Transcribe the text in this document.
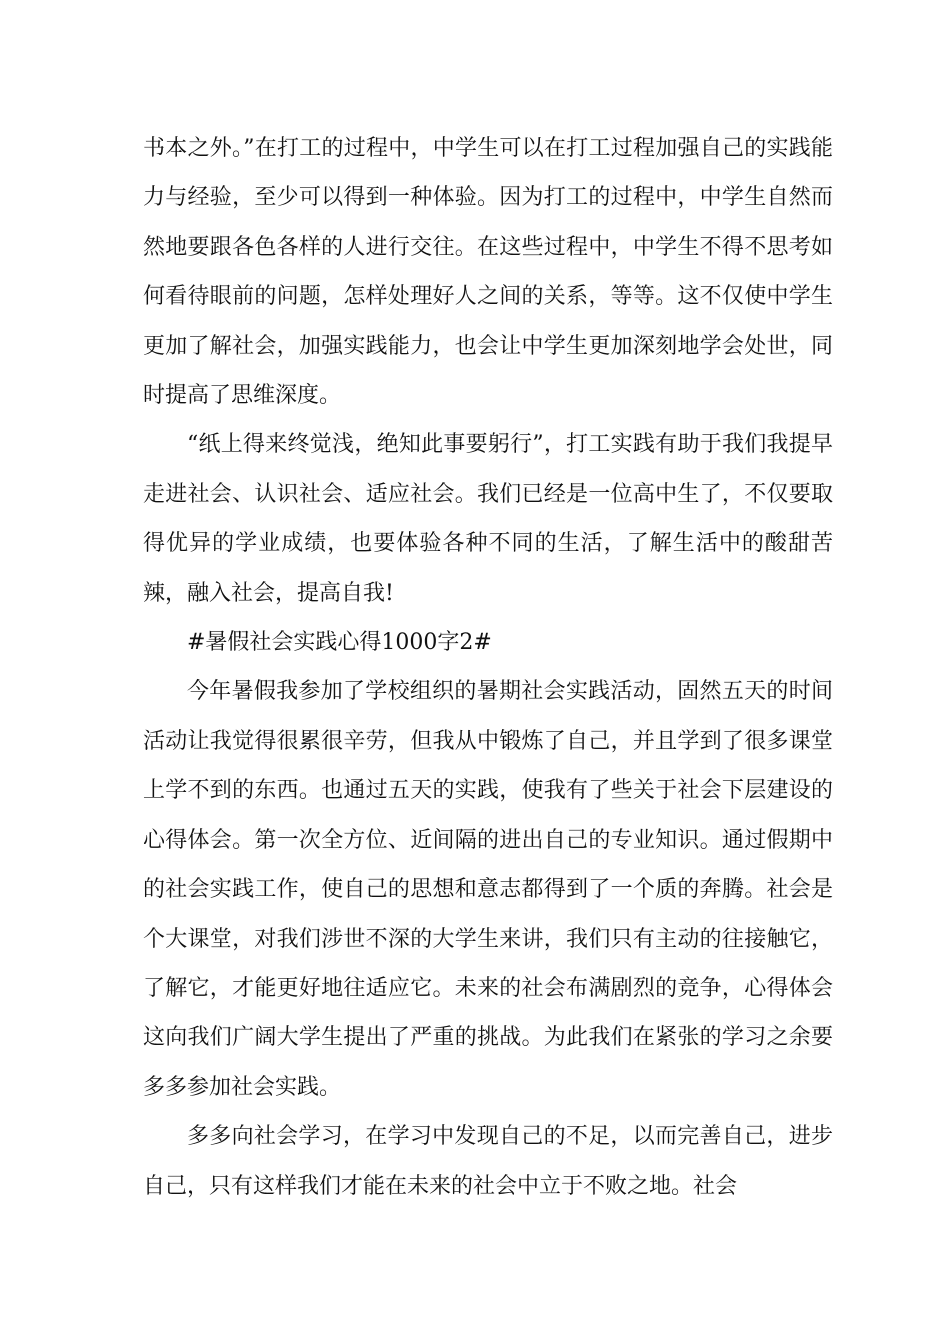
书本之外。”在打工的过程中，中学生可以在打工过程加强自己的实践能力与经验，至少可以得到一种体验。因为打工的过程中，中学生自然而然地要跟各色各样的人进行交往。在这些过程中，中学生不得不思考如何看待眼前的问题，怎样处理好人之间的关系，等等。这不仅使中学生更加了解社会，加强实践能力，也会让中学生更加深刻地学会处世，同时提高了思维深度。

“纸上得来终觉浅，绝知此事要躬行”，打工实践有助于我们我提早走进社会、认识社会、适应社会。我们已经是一位高中生了，不仅要取得优异的学业成绩，也要体验各种不同的生活，了解生活中的酸甜苦辣，融入社会，提高自我!

#暑假社会实践心得1000字2#

今年暑假我参加了学校组织的暑期社会实践活动，固然五天的时间活动让我觉得很累很辛劳，但我从中锻炼了自己，并且学到了很多课堂上学不到的东西。也通过五天的实践，使我有了些关于社会下层建设的心得体会。第一次全方位、近间隔的进出自己的专业知识。通过假期中的社会实践工作，使自己的思想和意志都得到了一个质的奔腾。社会是个大课堂，对我们涉世不深的大学生来讲，我们只有主动的往接触它，了解它，才能更好地往适应它。未来的社会布满剧烈的竞争，心得体会这向我们广阔大学生提出了严重的挑战。为此我们在紧张的学习之余要多多参加社会实践。

多多向社会学习，在学习中发现自己的不足，以而完善自己，进步自己，只有这样我们才能在未来的社会中立于不败之地。社会
